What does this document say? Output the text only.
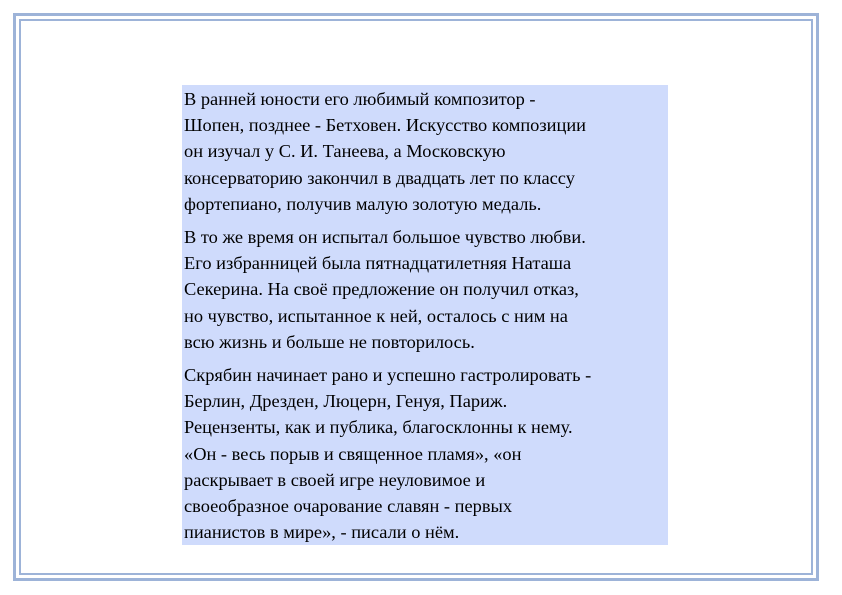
В ранней юности его любимый композитор -
Шопен, позднее - Бетховен. Искусство композиции
он изучал у С. И. Танеева, а Московскую
консерваторию закончил в двадцать лет по классу
фортепиано, получив малую золотую медаль.

В то же время он испытал большое чувство любви.
Его избранницей была пятнадцатилетняя Наташа
Секерина. На своё предложение он получил отказ,
но чувство, испытанное к ней, осталось с ним на
всю жизнь и больше не повторилось.

Скрябин начинает рано и успешно гастролировать -
Берлин, Дрезден, Люцерн, Генуя, Париж.
Рецензенты, как и публика, благосклонны к нему.
«Он - весь порыв и священное пламя», «он
раскрывает в своей игре неуловимое и
своеобразное очарование славян - первых
пианистов в мире», - писали о нём.
